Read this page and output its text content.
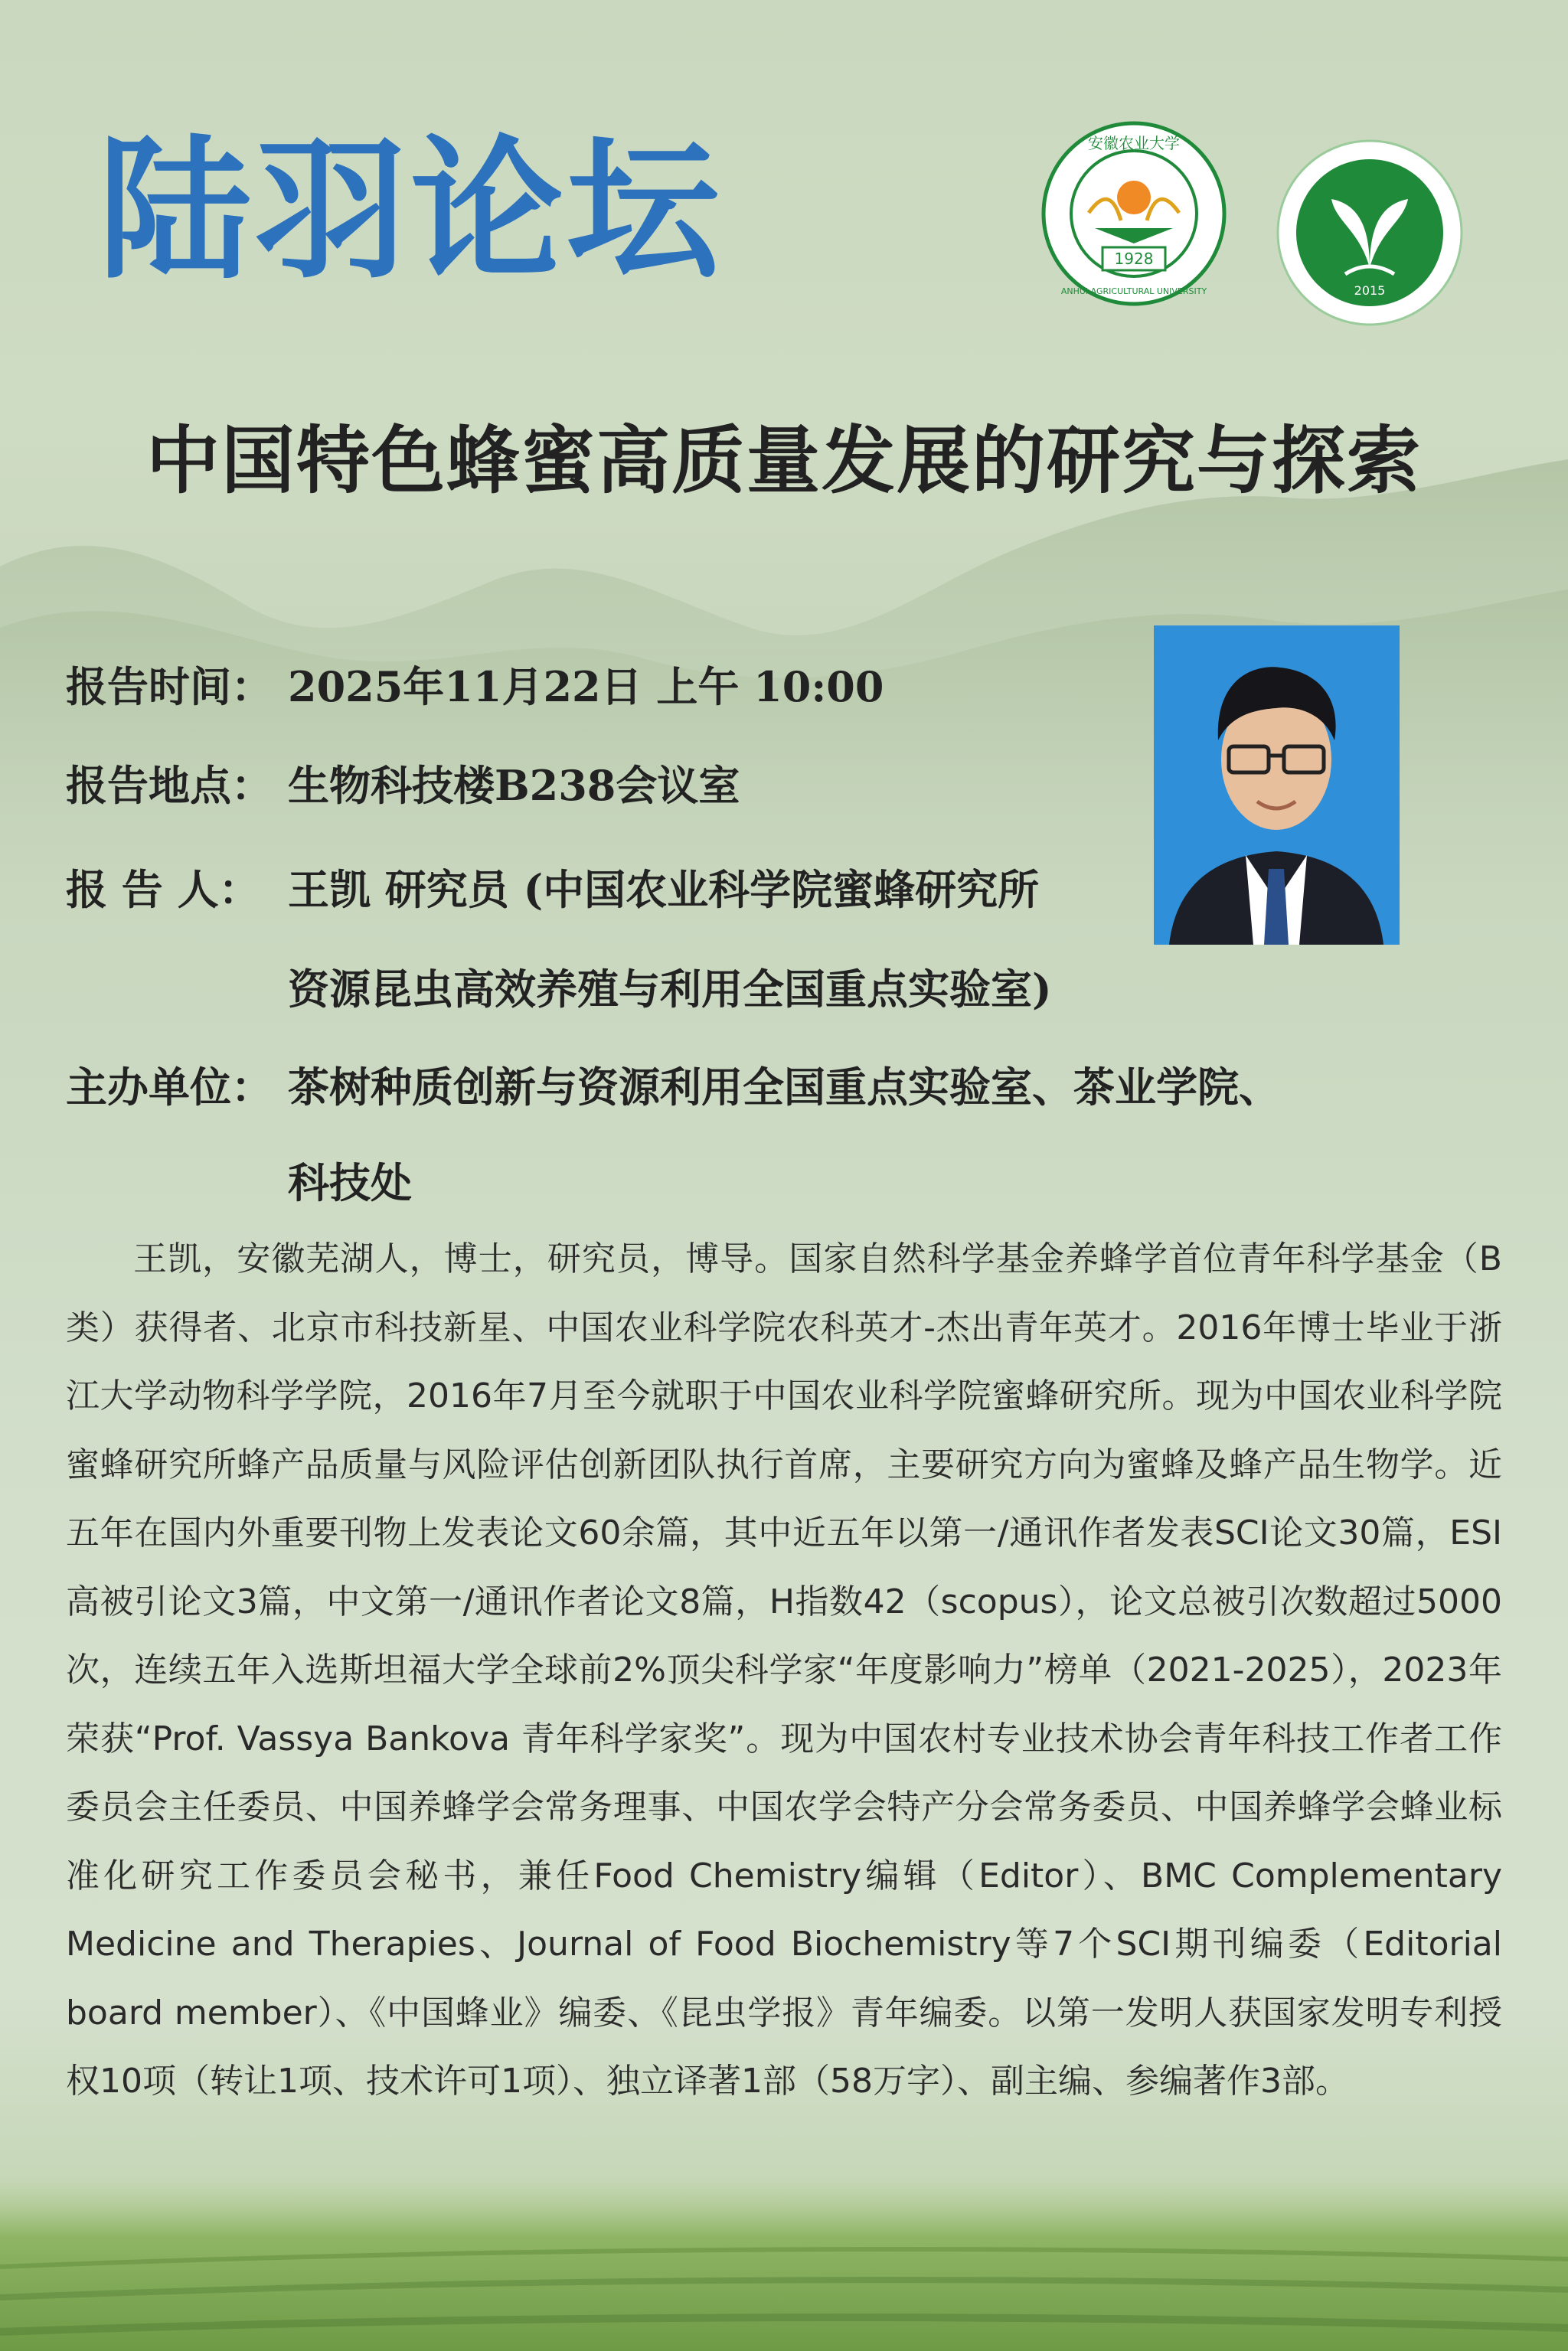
陆羽论坛	1928
安徽农业大学
ANHUI AGRICULTURAL UNIVERSITY	2015
中国特色蜂蜜高质量发展的研究与探索
报告时间： 2025年11月22日 上午 10:00
报告地点： 生物科技楼B238会议室
报 告 人： 王凯 研究员 (中国农业科学院蜜蜂研究所
资源昆虫高效养殖与利用全国重点实验室)
主办单位： 茶树种质创新与资源利用全国重点实验室、茶业学院、
科技处
王凯，安徽芜湖人，博士，研究员，博导。国家自然科学基金养蜂学首位青年科学基金（B类）获得者、北京市科技新星、中国农业科学院农科英才-杰出青年英才。2016年博士毕业于浙江大学动物科学学院，2016年7月至今就职于中国农业科学院蜜蜂研究所。现为中国农业科学院蜜蜂研究所蜂产品质量与风险评估创新团队执行首席，主要研究方向为蜜蜂及蜂产品生物学。近五年在国内外重要刊物上发表论文60余篇，其中近五年以第一/通讯作者发表SCI论文30篇，ESI高被引论文3篇，中文第一/通讯作者论文8篇，H指数42（scopus），论文总被引次数超过5000次，连续五年入选斯坦福大学全球前2%顶尖科学家“年度影响力”榜单（2021-2025），2023年荣获“Prof. Vassya Bankova 青年科学家奖”。现为中国农村专业技术协会青年科技工作者工作委员会主任委员、中国养蜂学会常务理事、中国农学会特产分会常务委员、中国养蜂学会蜂业标准化研究工作委员会秘书，兼任Food Chemistry编辑（Editor）、BMC Complementary Medicine and Therapies、Journal of Food Biochemistry等7个SCI期刊编委（Editorial board member）、《中国蜂业》编委、《昆虫学报》青年编委。以第一发明人获国家发明专利授权10项（转让1项、技术许可1项）、独立译著1部（58万字）、副主编、参编著作3部。
